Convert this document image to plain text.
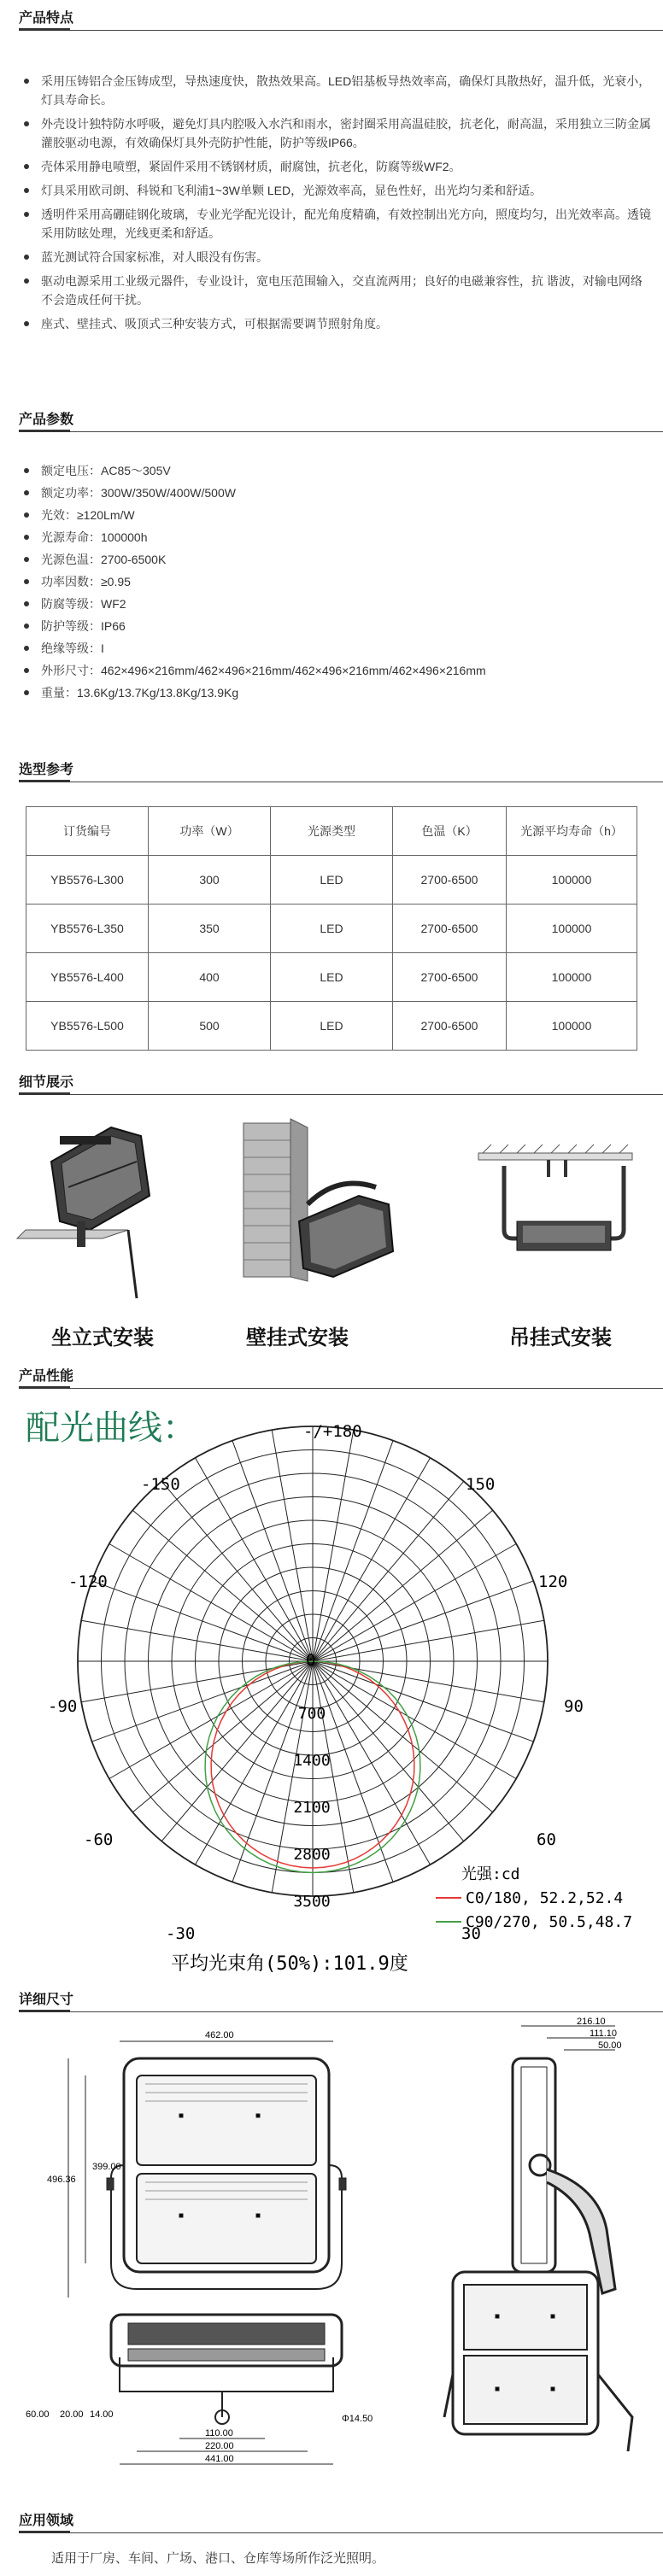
产品特点
采用压铸铝合金压铸成型，导热速度快，散热效果高。LED铝基板导热效率高，确保灯具散热好，温升低，光衰小，灯具寿命长。
外壳设计独特防水呼吸，避免灯具内腔吸入水汽和雨水，密封圈采用高温硅胶，抗老化，耐高温，采用独立三防金属灌胶驱动电源，有效确保灯具外壳防护性能，防护等级IP66。
壳体采用静电喷塑，紧固件采用不锈钢材质，耐腐蚀，抗老化，防腐等级WF2。
灯具采用欧司朗、科锐和飞利浦1~3W单颗 LED，光源效率高，显色性好，出光均匀柔和舒适。
透明件采用高硼硅钢化玻璃，专业光学配光设计，配光角度精确，有效控制出光方向，照度均匀，出光效率高。透镜采用防眩处理，光线更柔和舒适。
蓝光测试符合国家标准，对人眼没有伤害。
驱动电源采用工业级元器件，专业设计，宽电压范围输入，交直流两用；良好的电磁兼容性，抗 谐波，对输电网络不会造成任何干扰。
座式、壁挂式、吸顶式三种安装方式，可根据需要调节照射角度。
产品参数
额定电压：AC85～305V
额定功率：300W/350W/400W/500W
光效：≥120Lm/W
光源寿命：100000h
光源色温：2700-6500K
功率因数：≥0.95
防腐等级：WF2
防护等级：IP66
绝缘等级：I
外形尺寸：462×496×216mm/462×496×216mm/462×496×216mm/462×496×216mm
重量：13.6Kg/13.7Kg/13.8Kg/13.9Kg
选型参考
订货编号	功率（W）	光源类型	色温（K）	光源平均寿命（h）
YB5576-L300	300	LED	2700-6500	100000
YB5576-L350	350	LED	2700-6500	100000
YB5576-L400	400	LED	2700-6500	100000
YB5576-L500	500	LED	2700-6500	100000
细节展示
坐立式安装	壁挂式安装	吊挂式安装
产品性能
配光曲线：	-/+180
-150	150
-120	120
-90	90
-60	60
-30	30
0
700
1400
2100
2800
3500
光强:cd
C0/180, 52.2,52.4
C90/270, 50.5,48.7
平均光束角(50%):101.9度
详细尺寸
462.00
399.00
496.36
216.10
111.10
50.00
Φ14.50
60.00 20.00 14.00
110.00
220.00
441.00
应用领域
适用于厂房、车间、广场、港口、仓库等场所作泛光照明。
